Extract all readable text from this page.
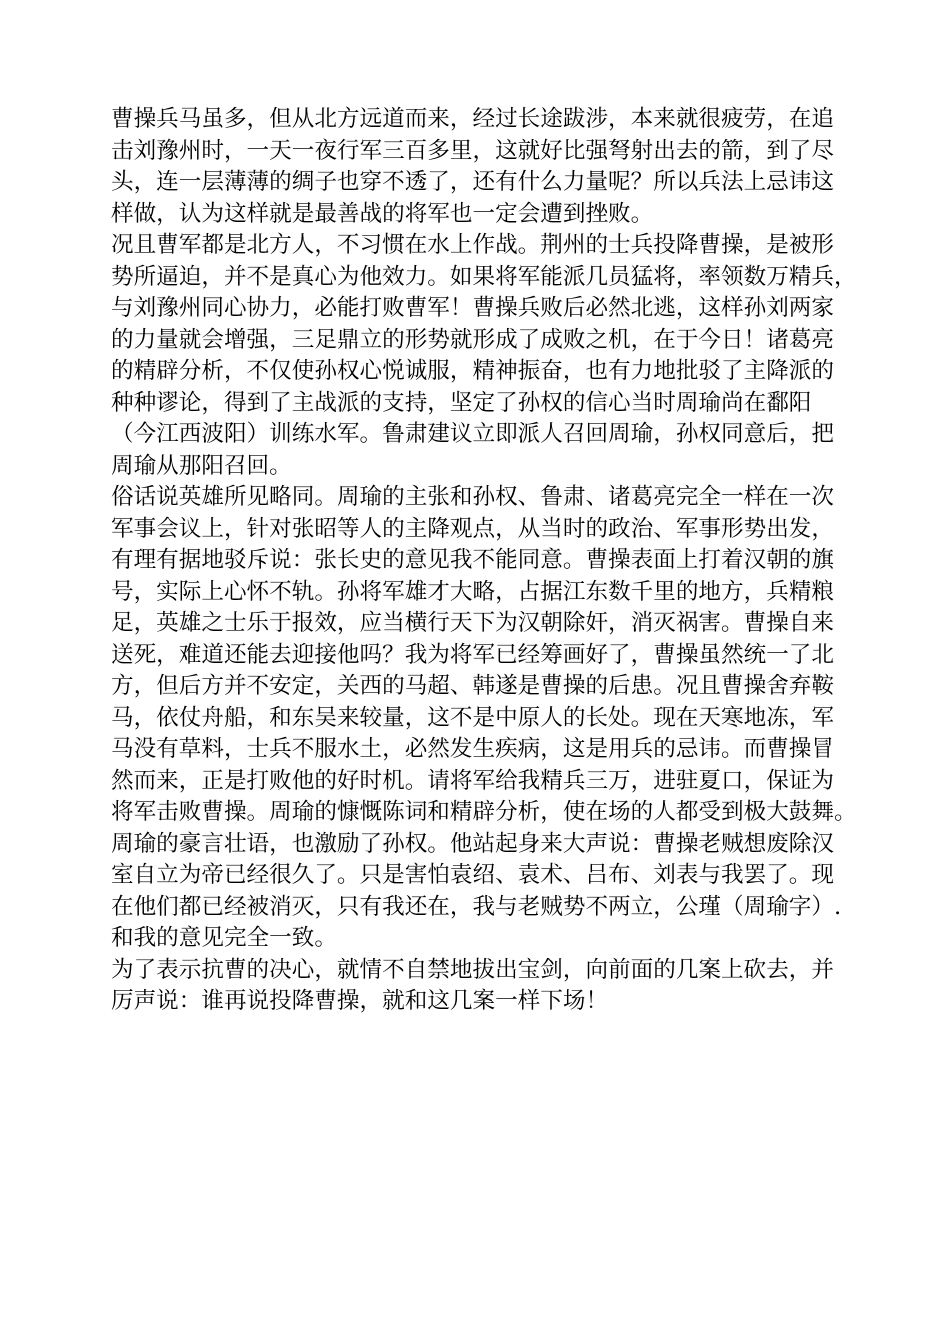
曹操兵马虽多，但从北方远道而来，经过长途跋涉，本来就很疲劳，在追
击刘豫州时，一天一夜行军三百多里，这就好比强弩射出去的箭，到了尽
头，连一层薄薄的绸子也穿不透了，还有什么力量呢？所以兵法上忌讳这
样做，认为这样就是最善战的将军也一定会遭到挫败。
况且曹军都是北方人，不习惯在水上作战。荆州的士兵投降曹操，是被形
势所逼迫，并不是真心为他效力。如果将军能派几员猛将，率领数万精兵，
与刘豫州同心协力，必能打败曹军！曹操兵败后必然北逃，这样孙刘两家
的力量就会增强，三足鼎立的形势就形成了成败之机，在于今日！诸葛亮
的精辟分析，不仅使孙权心悦诚服，精神振奋，也有力地批驳了主降派的
种种谬论，得到了主战派的支持，坚定了孙权的信心当时周瑜尚在鄱阳
（今江西波阳）训练水军。鲁肃建议立即派人召回周瑜，孙权同意后，把
周瑜从那阳召回。
俗话说英雄所见略同。周瑜的主张和孙权、鲁肃、诸葛亮完全一样在一次
军事会议上，针对张昭等人的主降观点，从当时的政治、军事形势出发，
有理有据地驳斥说：张长史的意见我不能同意。曹操表面上打着汉朝的旗
号，实际上心怀不轨。孙将军雄才大略，占据江东数千里的地方，兵精粮
足，英雄之士乐于报效，应当横行天下为汉朝除奸，消灭祸害。曹操自来
送死，难道还能去迎接他吗？我为将军已经筹画好了，曹操虽然统一了北
方，但后方并不安定，关西的马超、韩遂是曹操的后患。况且曹操舍弃鞍
马，依仗舟船，和东吴来较量，这不是中原人的长处。现在天寒地冻，军
马没有草料，士兵不服水土，必然发生疾病，这是用兵的忌讳。而曹操冒
然而来，正是打败他的好时机。请将军给我精兵三万，进驻夏口，保证为
将军击败曹操。周瑜的慷慨陈词和精辟分析，使在场的人都受到极大鼓舞。
周瑜的豪言壮语，也激励了孙权。他站起身来大声说：曹操老贼想废除汉
室自立为帝已经很久了。只是害怕袁绍、袁术、吕布、刘表与我罢了。现
在他们都已经被消灭，只有我还在，我与老贼势不两立，公瑾（周瑜字）.
和我的意见完全一致。
为了表示抗曹的决心，就情不自禁地拔出宝剑，向前面的几案上砍去，并
厉声说：谁再说投降曹操，就和这几案一样下场！
